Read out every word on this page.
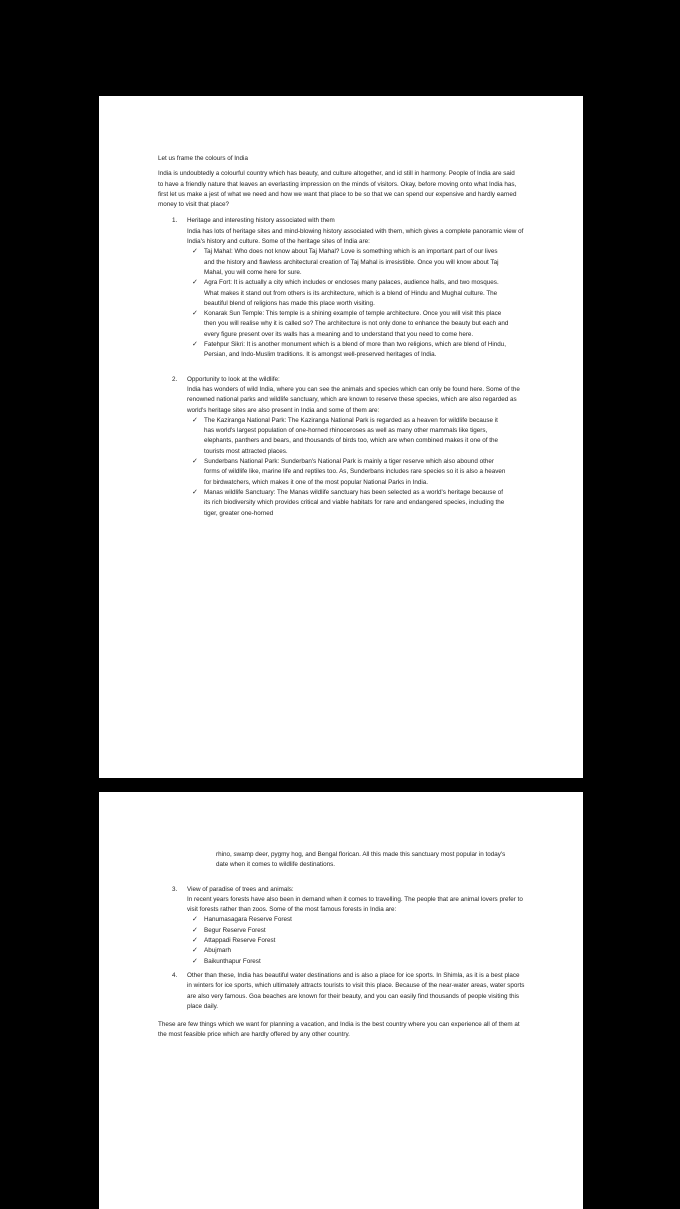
Let us frame the colours of India

India is undoubtedly a colourful country which has beauty, and culture altogether, and id still in harmony. People of India are said to have a friendly nature that leaves an everlasting impression on the minds of visitors. Okay, before moving onto what India has, first let us make a jest of what we need and how we want that place to be so that we can spend our expensive and hardly earned money to visit that place?

1. Heritage and interesting history associated with them

India has lots of heritage sites and mind-blowing history associated with them, which gives a complete panoramic view of India's history and culture. Some of the heritage sites of India are:

✓ Taj Mahal: Who does not know about Taj Mahal? Love is something which is an important part of our lives and the history and flawless architectural creation of Taj Mahal is irresistible. Once you will know about Taj Mahal, you will come here for sure.
✓ Agra Fort: It is actually a city which includes or encloses many palaces, audience halls, and two mosques. What makes it stand out from others is its architecture, which is a blend of Hindu and Mughal culture. The beautiful blend of religions has made this place worth visiting.
✓ Konarak Sun Temple: This temple is a shining example of temple architecture. Once you will visit this place then you will realise why it is called so? The architecture is not only done to enhance the beauty but each and every figure present over its walls has a meaning and to understand that you need to come here.
✓ Fatehpur Sikri: It is another monument which is a blend of more than two religions, which are blend of Hindu, Persian, and Indo-Muslim traditions. It is amongst well-preserved heritages of India.
2. Opportunity to look at the wildlife:

India has wonders of wild India, where you can see the animals and species which can only be found here. Some of the renowned national parks and wildlife sanctuary, which are known to reserve these species, which are also regarded as world's heritage sites are also present in India and some of them are:

✓ The Kaziranga National Park: The Kaziranga National Park is regarded as a heaven for wildlife because it has world's largest population of one-horned rhinoceroses as well as many other mammals like tigers, elephants, panthers and bears, and thousands of birds too, which are when combined makes it one of the tourists most attracted places.
✓ Sunderbans National Park: Sunderban's National Park is mainly a tiger reserve which also abound other forms of wildlife like, marine life and reptiles too. As, Sunderbans includes rare species so it is also a heaven for birdwatchers, which makes it one of the most popular National Parks in India.
✓ Manas wildlife Sanctuary: The Manas wildlife sanctuary has been selected as a world's heritage because of its rich biodiversity which provides critical and viable habitats for rare and endangered species, including the tiger, greater one-horned

rhino, swamp deer, pygmy hog, and Bengal florican. All this made this sanctuary most popular in today's date when it comes to wildlife destinations.

3. View of paradise of trees and animals:

In recent years forests have also been in demand when it comes to travelling. The people that are animal lovers prefer to visit forests rather than zoos. Some of the most famous forests in India are:

✓ Hanumasagara Reserve Forest
✓ Begur Reserve Forest
✓ Attappadi Reserve Forest
✓ Abujmarh
✓ Baikunthapur Forest
4. Other than these, India has beautiful water destinations and is also a place for ice sports. In Shimla, as it is a best place in winters for ice sports, which ultimately attracts tourists to visit this place. Because of the near-water areas, water sports are also very famous. Goa beaches are known for their beauty, and you can easily find thousands of people visiting this place daily.

These are few things which we want for planning a vacation, and India is the best country where you can experience all of them at the most feasible price which are hardly offered by any other country.
